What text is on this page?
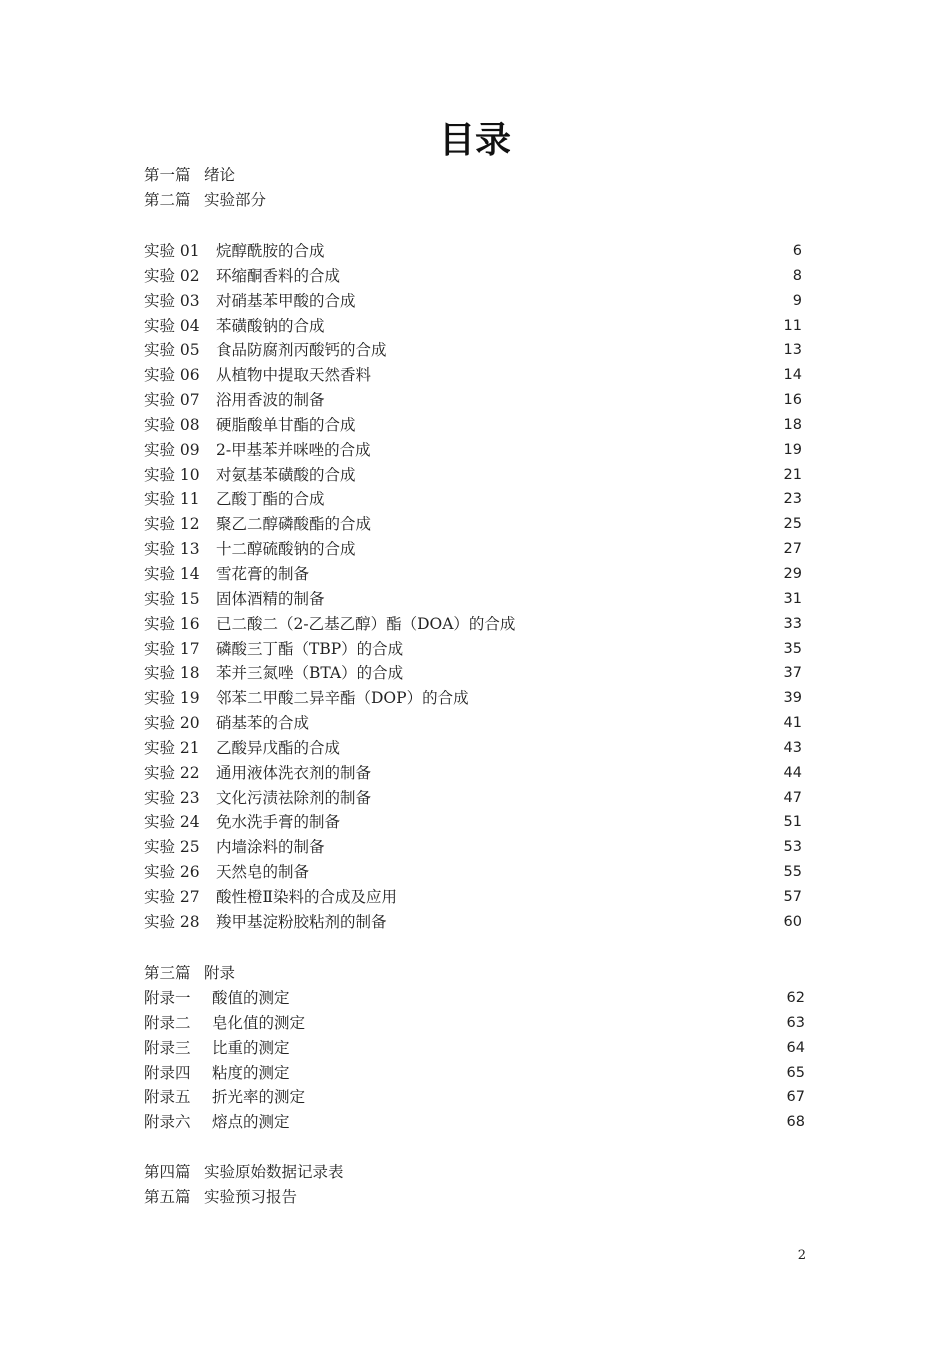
目录
第一篇 绪论
第二篇 实验部分
实验 01 烷醇酰胺的合成	6
实验 02 环缩酮香料的合成	8
实验 03 对硝基苯甲酸的合成	9
实验 04 苯磺酸钠的合成	11
实验 05 食品防腐剂丙酸钙的合成	13
实验 06 从植物中提取天然香料	14
实验 07 浴用香波的制备	16
实验 08 硬脂酸单甘酯的合成	18
实验 09 2-甲基苯并咪唑的合成	19
实验 10 对氨基苯磺酸的合成	21
实验 11 乙酸丁酯的合成	23
实验 12 聚乙二醇磷酸酯的合成	25
实验 13 十二醇硫酸钠的合成	27
实验 14 雪花膏的制备	29
实验 15 固体酒精的制备	31
实验 16 已二酸二（2-乙基乙醇）酯（DOA）的合成	33
实验 17 磷酸三丁酯（TBP）的合成	35
实验 18 苯并三氮唑（BTA）的合成	37
实验 19 邻苯二甲酸二异辛酯（DOP）的合成	39
实验 20 硝基苯的合成	41
实验 21 乙酸异戊酯的合成	43
实验 22 通用液体洗衣剂的制备	44
实验 23 文化污渍祛除剂的制备	47
实验 24 免水洗手膏的制备	51
实验 25 内墙涂料的制备	53
实验 26 天然皂的制备	55
实验 27 酸性橙Ⅱ染料的合成及应用	57
实验 28 羧甲基淀粉胶粘剂的制备	60
第三篇 附录
附录一 酸值的测定	62
附录二 皂化值的测定	63
附录三 比重的测定	64
附录四 粘度的测定	65
附录五 折光率的测定	67
附录六 熔点的测定	68
第四篇 实验原始数据记录表
第五篇 实验预习报告
2
